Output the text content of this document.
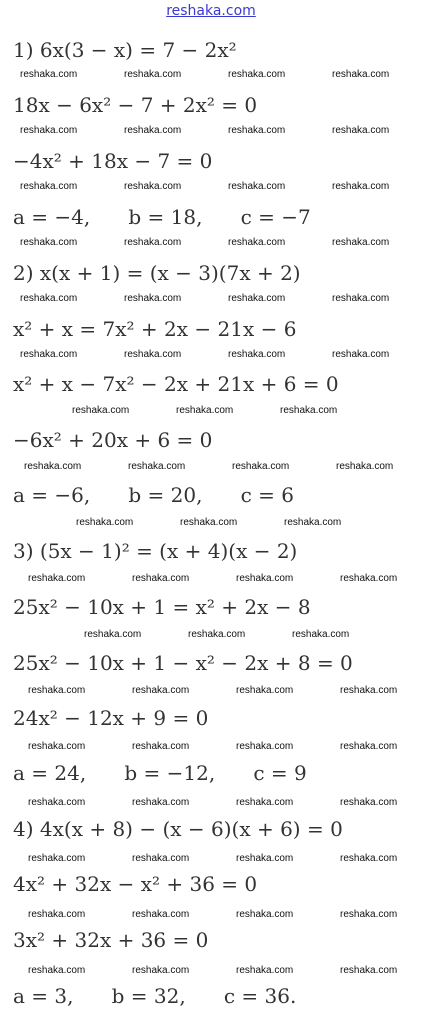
reshaka.com
1) 6x(3 − x) = 7 − 2x²
18x − 6x² − 7 + 2x² = 0
−4x² + 18x − 7 = 0
a = −4,      b = 18,      c = −7
2) x(x + 1) = (x − 3)(7x + 2)
x² + x = 7x² + 2x − 21x − 6
x² + x − 7x² − 2x + 21x + 6 = 0
−6x² + 20x + 6 = 0
a = −6,      b = 20,      c = 6
3) (5x − 1)² = (x + 4)(x − 2)
25x² − 10x + 1 = x² + 2x − 8
25x² − 10x + 1 − x² − 2x + 8 = 0
24x² − 12x + 9 = 0
a = 24,      b = −12,      c = 9
4) 4x(x + 8) − (x − 6)(x + 6) = 0
4x² + 32x − x² + 36 = 0
3x² + 32x + 36 = 0
a = 3,      b = 32,      c = 36.
reshaka.com	reshaka.com	reshaka.com	reshaka.com
reshaka.com	reshaka.com	reshaka.com	reshaka.com
reshaka.com	reshaka.com	reshaka.com	reshaka.com
reshaka.com	reshaka.com	reshaka.com	reshaka.com
reshaka.com	reshaka.com	reshaka.com	reshaka.com
reshaka.com	reshaka.com	reshaka.com	reshaka.com
reshaka.com	reshaka.com	reshaka.com
reshaka.com	reshaka.com	reshaka.com	reshaka.com
reshaka.com	reshaka.com	reshaka.com
reshaka.com	reshaka.com	reshaka.com	reshaka.com
reshaka.com	reshaka.com	reshaka.com
reshaka.com	reshaka.com	reshaka.com	reshaka.com
reshaka.com	reshaka.com	reshaka.com	reshaka.com
reshaka.com	reshaka.com	reshaka.com	reshaka.com
reshaka.com	reshaka.com	reshaka.com	reshaka.com
reshaka.com	reshaka.com	reshaka.com	reshaka.com
reshaka.com	reshaka.com	reshaka.com	reshaka.com
